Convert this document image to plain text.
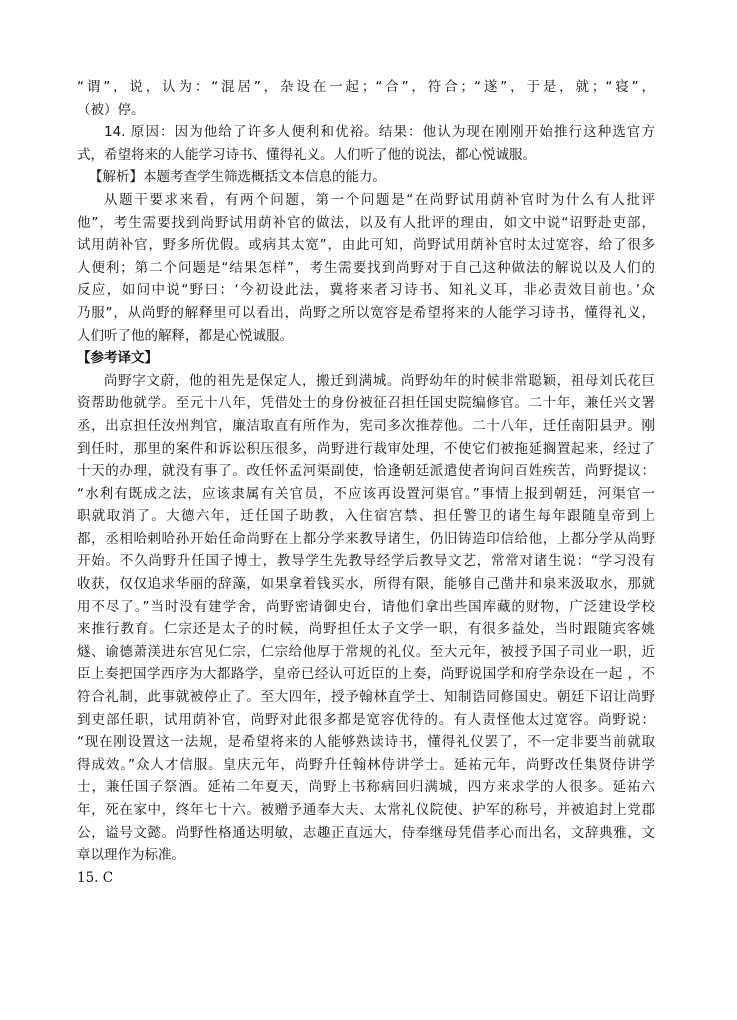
“谓”，说，认为：“混居”，杂设在一起；“合”，符合；“遂”，于是，就；“寝”，
（被）停。
14. 原因：因为他给了许多人便利和优裕。结果：他认为现在刚刚开始推行这种选官方
式，希望将来的人能学习诗书、懂得礼义。人们听了他的说法，都心悦诚服。
【解析】本题考查学生筛选概括文本信息的能力。
从题干要求来看，有两个问题，第一个问题是“在尚野试用荫补官时为什么有人批评
他”，考生需要找到尚野试用荫补官的做法，以及有人批评的理由，如文中说“诏野赴吏部，
试用荫补官，野多所优假。或病其太宽”，由此可知，尚野试用荫补官时太过宽容，给了很多
人便利；第二个问题是“结果怎样”，考生需要找到尚野对于自己这种做法的解说以及人们的
反应，如问中说“野曰：‘今初设此法，冀将来者习诗书、知礼义耳，非必责效目前也。’众
乃服”，从尚野的解释里可以看出，尚野之所以宽容是希望将来的人能学习诗书，懂得礼义，
人们听了他的解释，都是心悦诚服。
【参考译文】
尚野字文蔚，他的祖先是保定人，搬迁到满城。尚野幼年的时候非常聪颖，祖母刘氏花巨
资帮助他就学。至元十八年，凭借处士的身份被征召担任国史院编修官。二十年，兼任兴文署
丞，出京担任汝州判官，廉洁取直有所作为，宪司多次推荐他。二十八年，迁任南阳县尹。刚
到任时，那里的案件和诉讼积压很多，尚野进行裁审处理，不使它们被拖延搁置起来，经过了
十天的办理，就没有事了。改任怀孟河渠副使，恰逢朝廷派遣使者询问百姓疾苦，尚野提议：
“水利有既成之法，应该隶属有关官员，不应该再设置河渠官。”事情上报到朝廷，河渠官一
职就取消了。大德六年，迁任国子助教，入住宿宫禁、担任警卫的诸生每年跟随皇帝到上
都，丞相哈剌哈孙开始任命尚野在上都分学来教导诸生，仍旧铸造印信给他，上都分学从尚野
开始。不久尚野升任国子博士，教导学生先教导经学后教导文艺，常常对诸生说：“学习没有
收获，仅仅追求华丽的辞藻，如果拿着钱买水，所得有限，能够自己凿井和泉来汲取水，那就
用不尽了。”当时没有建学舍，尚野密请御史台，请他们拿出些国库藏的财物，广泛建设学校
来推行教育。仁宗还是太子的时候，尚野担任太子文学一职，有很多益处，当时跟随宾客姚
燧、谕德萧渼进东宫见仁宗，仁宗给他厚于常规的礼仪。至大元年，被授予国子司业一职，近
臣上奏把国学西序为大都路学，皇帝已经认可近臣的上奏，尚野说国学和府学杂设在一起 ，不
符合礼制，此事就被停止了。至大四年，授予翰林直学士、知制诰同修国史。朝廷下诏让尚野
到吏部任职，试用荫补官，尚野对此很多都是宽容优待的。有人责怪他太过宽容。尚野说：
“现在刚设置这一法规，是希望将来的人能够熟读诗书，懂得礼仪罢了，不一定非要当前就取
得成效。”众人才信服。皇庆元年，尚野升任翰林侍讲学士。延祐元年，尚野改任集贤侍讲学
士，兼任国子祭酒。延祐二年夏天，尚野上书称病回归满城，四方来求学的人很多。延祐六
年，死在家中，终年七十六。被赠予通奉大夫、太常礼仪院使、护军的称号，并被追封上党郡
公，谥号文懿。尚野性格通达明敏，志趣正直远大，侍奉继母凭借孝心而出名，文辞典雅，文
章以理作为标准。
15. C
